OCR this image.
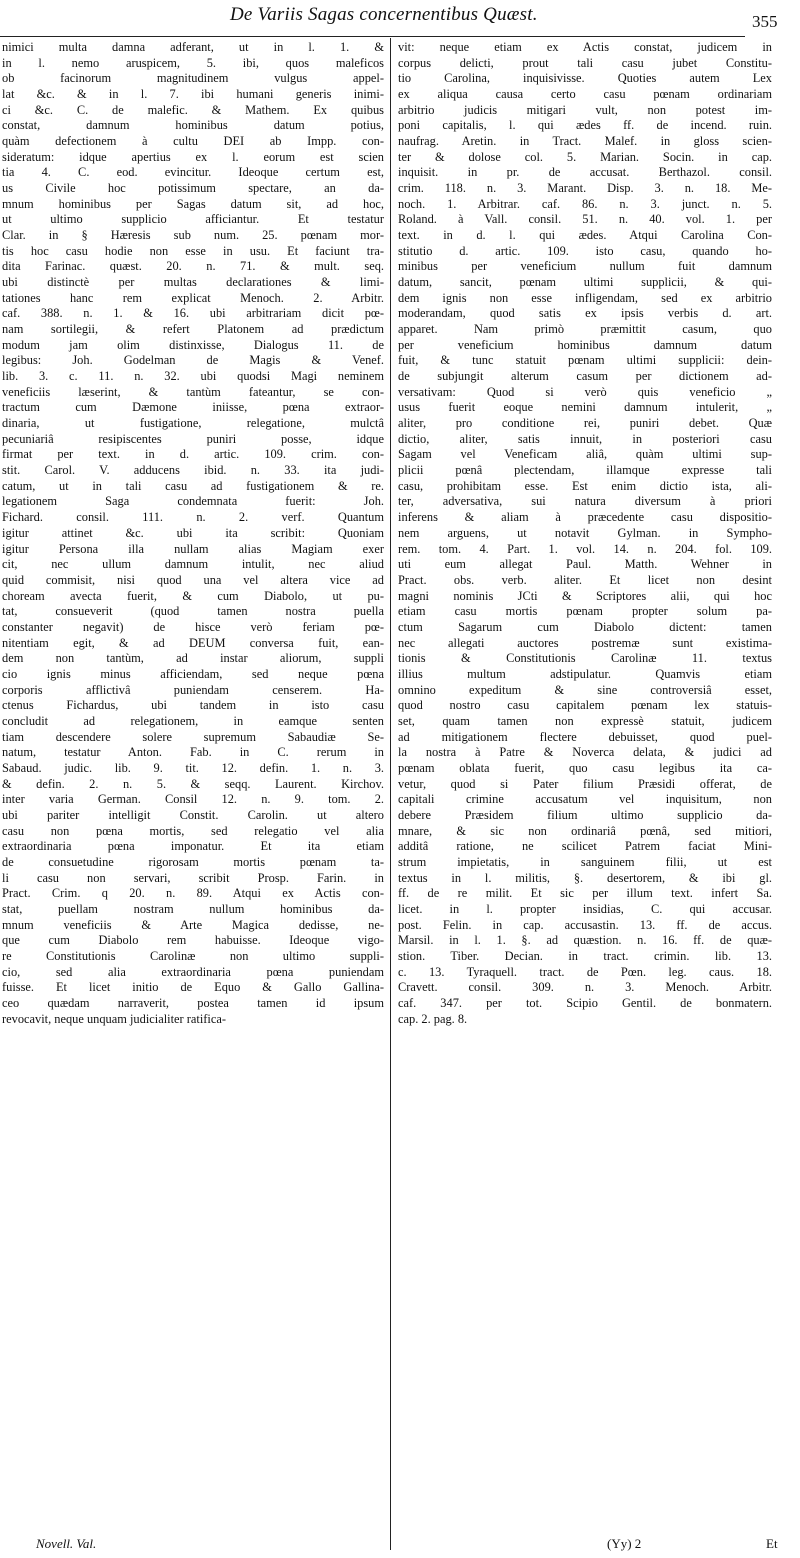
De Variis Sagas concernentibus Quæst.	355
nimici multa damna adferant, ut in l. 1. &
in l. nemo aruspicem, 5. ibi, quos maleficos
ob facinorum magnitudinem vulgus appel-
lat &c. & in l. 7. ibi humani generis inimi-
ci &c. C. de malefic. & Mathem. Ex quibus
constat, damnum hominibus datum potius,
quàm defectionem à cultu DEI ab Impp. con-
sideratum: idque apertius ex l. eorum est scien
tia 4. C. eod. evincitur. Ideoque certum est,
us Civile hoc potissimum spectare, an da-
mnum hominibus per Sagas datum sit, ad hoc,
ut ultimo supplicio afficiantur. Et testatur
Clar. in § Hæresis sub num. 25. pœnam mor-
tis hoc casu hodie non esse in usu. Et faciunt tra-
dita Farinac. quæst. 20. n. 71. & mult. seq.
ubi distinctè per multas declarationes & limi-
tationes hanc rem explicat Menoch. 2. Arbitr.
caf. 388. n. 1. & 16. ubi arbitrariam dicit pœ-
nam sortilegii, & refert Platonem ad prædictum
modum jam olim distinxisse, Dialogus 11. de
legibus: Joh. Godelman de Magis & Venef.
lib. 3. c. 11. n. 32. ubi quodsi Magi neminem
veneficiis læserint, & tantùm fateantur, se con-
tractum cum Dæmone iniisse, pœna extraor-
dinaria, ut fustigatione, relegatione, mulctâ
pecuniariâ resipiscentes puniri posse, idque
firmat per text. in d. artic. 109. crim. con-
stit. Carol. V. adducens ibid. n. 33. ita judi-
catum, ut in tali casu ad fustigationem & re.
legationem Saga condemnata fuerit: Joh.
Fichard. consil. 111. n. 2. verf. Quantum
igitur attinet &c. ubi ita scribit: Quoniam
igitur Persona illa nullam alias Magiam exer
cit, nec ullum damnum intulit, nec aliud
quid commisit, nisi quod una vel altera vice ad
choream avecta fuerit, & cum Diabolo, ut pu-
tat, consueverit (quod tamen nostra puella
constanter negavit) de hisce verò feriam pœ-
nitentiam egit, & ad DEUM conversa fuit, ean-
dem non tantùm, ad instar aliorum, suppli
cio ignis minus afficiendam, sed neque pœna
corporis afflictivâ puniendam censerem. Ha-
ctenus Fichardus, ubi tandem in isto casu
concludit ad relegationem, in eamque senten
tiam descendere solere supremum Sabaudiæ Se-
natum, testatur Anton. Fab. in C. rerum in
Sabaud. judic. lib. 9. tit. 12. defin. 1. n. 3.
& defin. 2. n. 5. & seqq. Laurent. Kirchov.
inter varia German. Consil 12. n. 9. tom. 2.
ubi pariter intelligit Constit. Carolin. ut altero
casu non pœna mortis, sed relegatio vel alia
extraordinaria pœna imponatur. Et ita etiam
de consuetudine rigorosam mortis pœnam ta-
li casu non servari, scribit Prosp. Farin. in
Pract. Crim. q 20. n. 89. Atqui ex Actis con-
stat, puellam nostram nullum hominibus da-
mnum veneficiis & Arte Magica dedisse, ne-
que cum Diabolo rem habuisse. Ideoque vigo-
re Constitutionis Carolinæ non ultimo suppli-
cio, sed alia extraordinaria pœna puniendam
fuisse. Et licet initio de Equo & Gallo Gallina-
ceo quædam narraverit, postea tamen id ipsum
revocavit, neque unquam judicialiter ratifica-
vit: neque etiam ex Actis constat, judicem in
corpus delicti, prout tali casu jubet Constitu-
tio Carolina, inquisivisse. Quoties autem Lex
ex aliqua causa certo casu pœnam ordinariam
arbitrio judicis mitigari vult, non potest im-
poni capitalis, l. qui ædes ff. de incend. ruin.
naufrag. Aretin. in Tract. Malef. in gloss scien-
ter & dolose col. 5. Marian. Socin. in cap.
inquisit. in pr. de accusat. Berthazol. consil.
crim. 118. n. 3. Marant. Disp. 3. n. 18. Me-
noch. 1. Arbitrar. caf. 86. n. 3. junct. n. 5.
Roland. à Vall. consil. 51. n. 40. vol. 1. per
text. in d. l. qui ædes. Atqui Carolina Con-
stitutio d. artic. 109. isto casu, quando ho-
minibus per veneficium nullum fuit damnum
datum, sancit, pœnam ultimi supplicii, & qui-
dem ignis non esse infligendam, sed ex arbitrio
moderandam, quod satis ex ipsis verbis d. art.
apparet. Nam primò præmittit casum, quo
per veneficium hominibus damnum datum
fuit, & tunc statuit pœnam ultimi supplicii: dein-
de subjungit alterum casum per dictionem ad-
versativam: Quod si verò quis veneficio „
usus fuerit eoque nemini damnum intulerit, „
aliter, pro conditione rei, puniri debet. Quæ
dictio, aliter, satis innuit, in posteriori casu
Sagam vel Veneficam aliâ, quàm ultimi sup-
plicii pœnâ plectendam, illamque expresse tali
casu, prohibitam esse. Est enim dictio ista, ali-
ter, adversativa, sui natura diversum à priori
inferens & aliam à præcedente casu dispositio-
nem arguens, ut notavit Gylman. in Sympho-
rem. tom. 4. Part. 1. vol. 14. n. 204. fol. 109.
uti eum allegat Paul. Matth. Wehner in
Pract. obs. verb. aliter. Et licet non desint
magni nominis JCti & Scriptores alii, qui hoc
etiam casu mortis pœnam propter solum pa-
ctum Sagarum cum Diabolo dictent: tamen
nec allegati auctores postremæ sunt existima-
tionis & Constitutionis Carolinæ 11. textus
illius multum adstipulatur. Quamvis etiam
omnino expeditum & sine controversiâ esset,
quod nostro casu capitalem pœnam lex statuis-
set, quam tamen non expressè statuit, judicem
ad mitigationem flectere debuisset, quod puel-
la nostra à Patre & Noverca delata, & judici ad
pœnam oblata fuerit, quo casu legibus ita ca-
vetur, quod si Pater filium Præsidi offerat, de
capitali crimine accusatum vel inquisitum, non
debere Præsidem filium ultimo supplicio da-
mnare, & sic non ordinariâ pœnâ, sed mitiori,
additâ ratione, ne scilicet Patrem faciat Mini-
strum impietatis, in sanguinem filii, ut est
textus in l. militis, §. desertorem, & ibi gl.
ff. de re milit. Et sic per illum text. infert Sa.
licet. in l. propter insidias, C. qui accusar.
post. Felin. in cap. accusastin. 13. ff. de accus.
Marsil. in l. 1. §. ad quæstion. n. 16. ff. de quæ-
stion. Tiber. Decian. in tract. crimin. lib. 13.
c. 13. Tyraquell. tract. de Pœn. leg. caus. 18.
Cravett. consil. 309. n. 3. Menoch. Arbitr.
caf. 347. per tot. Scipio Gentil. de bonmatern.
cap. 2. pag. 8.
Novell. Val.	(Yy) 2	Et
